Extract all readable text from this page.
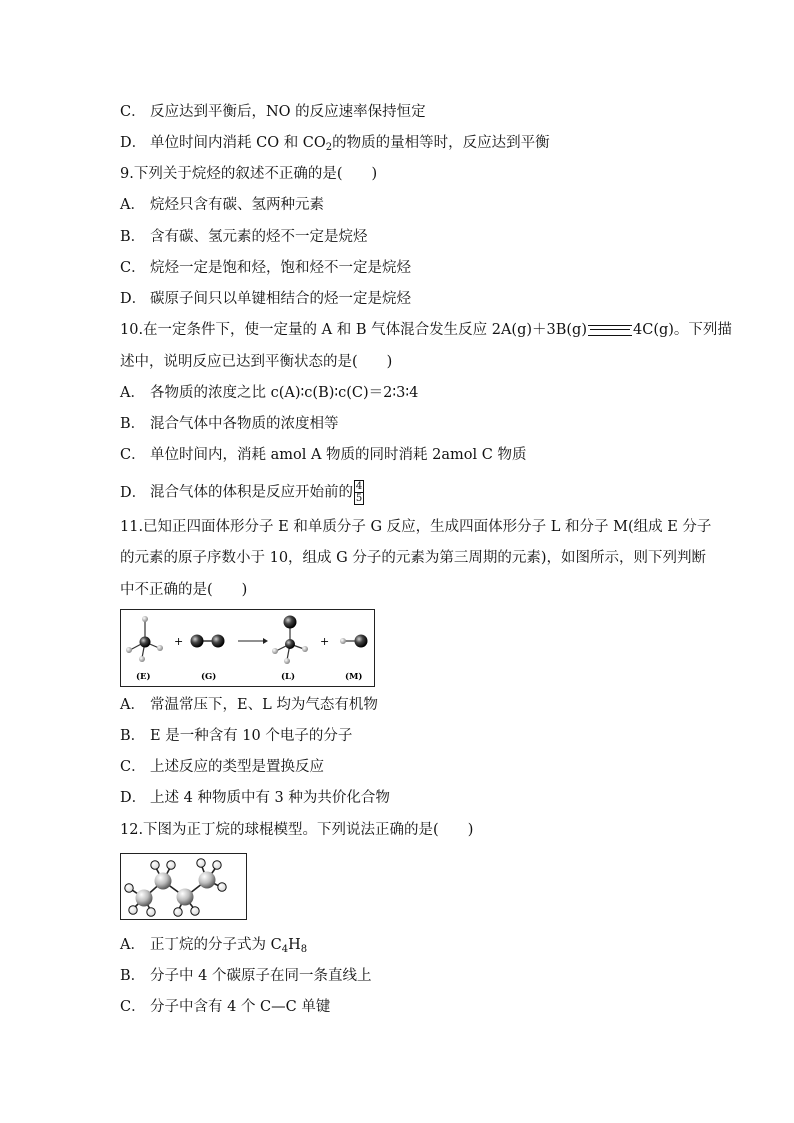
C． 反应达到平衡后，NO 的反应速率保持恒定
D． 单位时间内消耗 CO 和 $CO_2$的物质的量相等时，反应达到平衡
9.下列关于烷烃的叙述不正确的是(　　)
A． 烷烃只含有碳、氢两种元素
B． 含有碳、氢元素的烃不一定是烷烃
C． 烷烃一定是饱和烃，饱和烃不一定是烷烃
D． 碳原子间只以单键相结合的烃一定是烷烃
10.在一定条件下，使一定量的 A 和 B 气体混合发生反应 2A(g)＋3B(g)	4C(g)。下列描
述中，说明反应已达到平衡状态的是(　　)
A． 各物质的浓度之比 c(A)∶c(B)∶c(C)＝2∶3∶4
B． 混合气体中各物质的浓度相等
C． 单位时间内，消耗 amol A 物质的同时消耗 2amol C 物质
D． 混合气体的体积是反应开始前的 $\frac{4}{5}$
11.已知正四面体形分子 E 和单质分子 G 反应，生成四面体形分子 L 和分子 M(组成 E 分子
的元素的原子序数小于 10，组成 G 分子的元素为第三周期的元素)，如图所示，则下列判断
中不正确的是(　　)
+	+
(E)	(G)	(L)	(M)
A． 常温常压下，E、L 均为气态有机物
B． E 是一种含有 10 个电子的分子
C． 上述反应的类型是置换反应
D． 上述 4 种物质中有 3 种为共价化合物
12.下图为正丁烷的球棍模型。下列说法正确的是(　　)
A． 正丁烷的分子式为 $C_4H_8$
B． 分子中 4 个碳原子在同一条直线上
C． 分子中含有 4 个 C—C 单键
